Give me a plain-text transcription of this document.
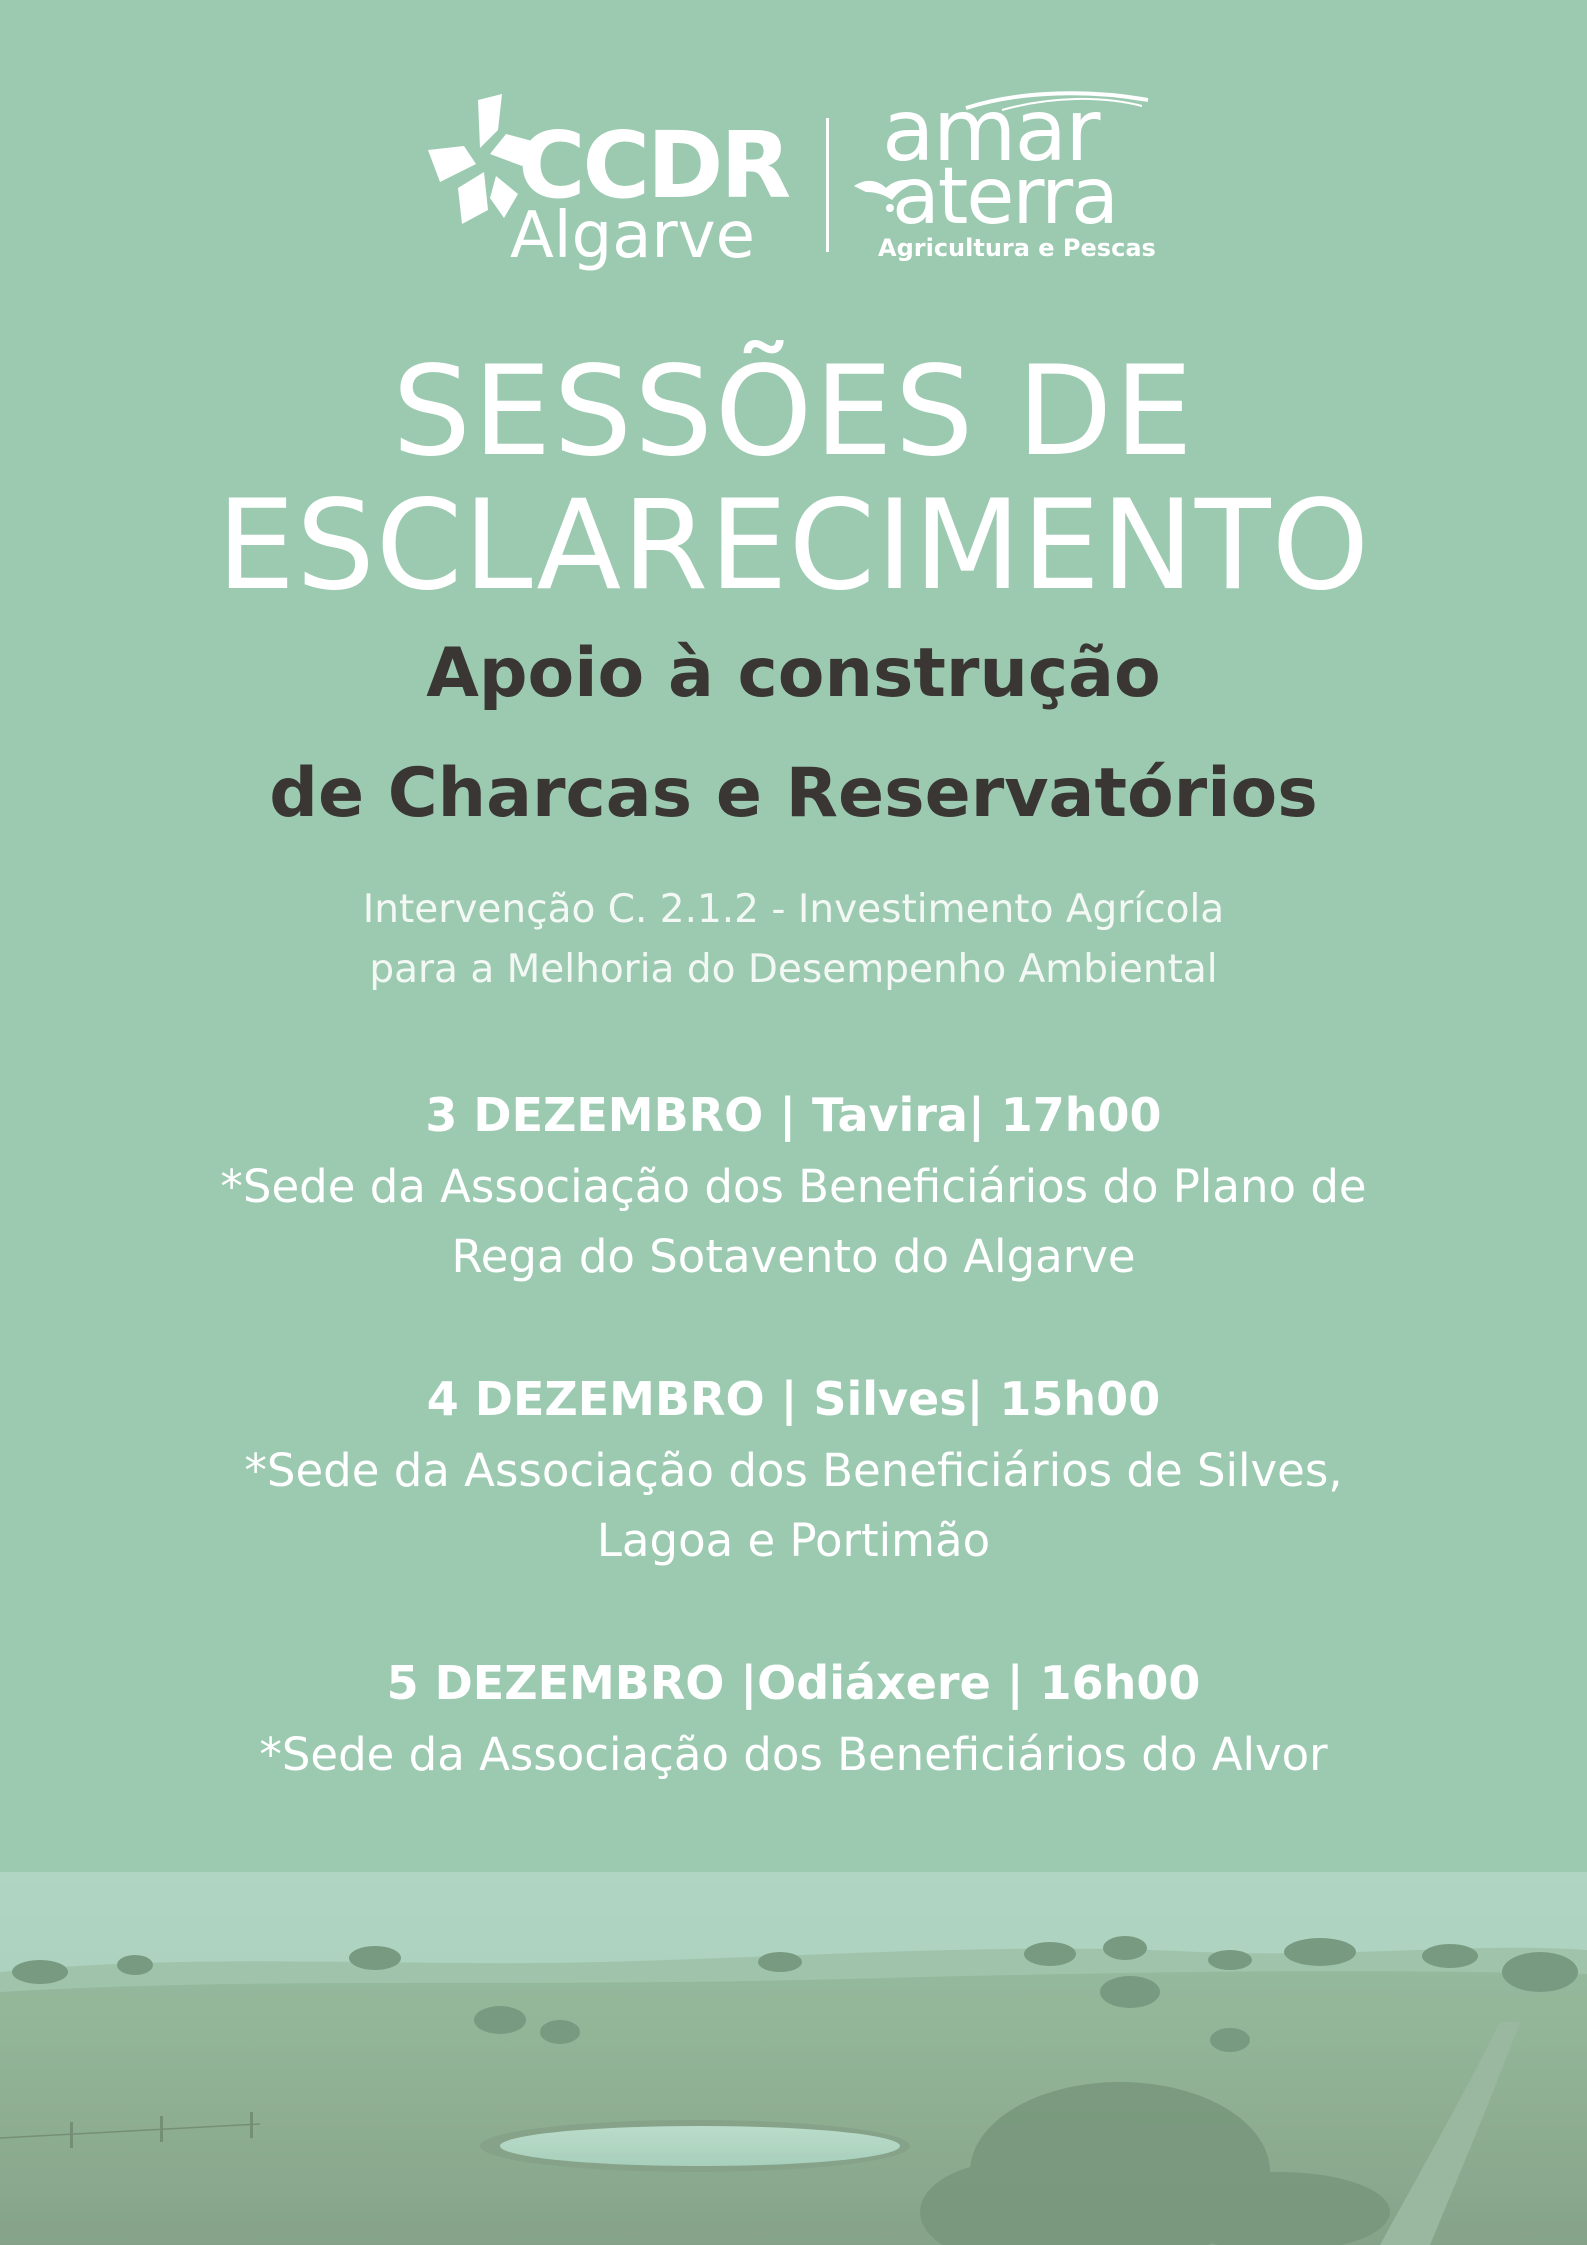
CCDR
Algarve
amar
aterra
Agricultura e Pescas
SESSÕES DE
ESCLARECIMENTO
Apoio à construção
de Charcas e Reservatórios
Intervenção C. 2.1.2 - Investimento Agrícola
para a Melhoria do Desempenho Ambiental
3 DEZEMBRO | Tavira| 17h00
*Sede da Associação dos Beneficiários do Plano de
Rega do Sotavento do Algarve
4 DEZEMBRO | Silves| 15h00
*Sede da Associação dos Beneficiários de Silves,
Lagoa e Portimão
5 DEZEMBRO |Odiáxere | 16h00
*Sede da Associação dos Beneficiários do Alvor
